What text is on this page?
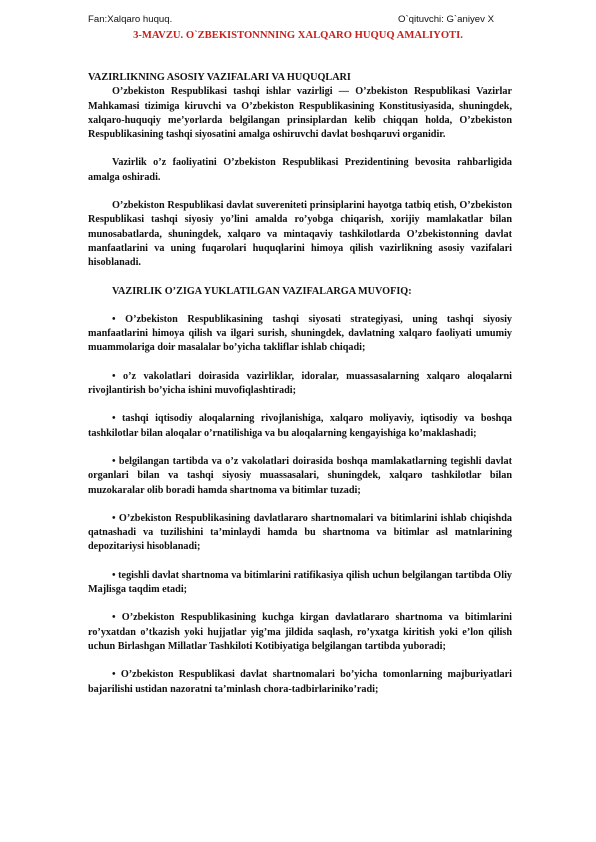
Fan:Xalqaro huquq.	O`qituvchi: G`aniyev X
3-MAVZU. O`ZBEKISTONNNING XALQARO HUQUQ AMALIYOTI.

VAZIRLIKNING ASOSIY VAZIFALARI VA HUQUQLARI

O’zbekiston Respublikasi tashqi ishlar vazirligi — O’zbekiston Respublikasi Vazirlar Mahkamasi tizimiga kiruvchi va O’zbekiston Respublikasining Konstitusiyasida, shuningdek, xalqaro-huquqiy me’yorlarda belgilangan prinsiplardan kelib chiqqan holda, O’zbekiston Respublikasining tashqi siyosatini amalga oshiruvchi davlat boshqaruvi organidir.

Vazirlik o’z faoliyatini O’zbekiston Respublikasi Prezidentining bevosita rahbarligida amalga oshiradi.

O’zbekiston Respublikasi davlat suvereniteti prinsiplarini hayotga tatbiq etish, O’zbekiston Respublikasi tashqi siyosiy yo’lini amalda ro’yobga chiqarish, xorijiy mamlakatlar bilan munosabatlarda, shuningdek, xalqaro va mintaqaviy tashkilotlarda O’zbekistonning davlat manfaatlarini va uning fuqarolari huquqlarini himoya qilish vazirlikning asosiy vazifalari hisoblanadi.

VAZIRLIK O’ZIGA YUKLATILGAN VAZIFALARGA MUVOFIQ:

• O’zbekiston Respublikasining tashqi siyosati strategiyasi, uning tashqi siyosiy manfaatlarini himoya qilish va ilgari surish, shuningdek, davlatning xalqaro faoliyati umumiy muammolariga doir masalalar bo’yicha takliflar ishlab chiqadi;

• o’z vakolatlari doirasida vazirliklar, idoralar, muassasalarning xalqaro aloqalarni rivojlantirish bo’yicha ishini muvofiqlashtiradi;

• tashqi iqtisodiy aloqalarning rivojlanishiga, xalqaro moliyaviy, iqtisodiy va boshqa tashkilotlar bilan aloqalar o’rnatilishiga va bu aloqalarning kengayishiga ko’maklashadi;

• belgilangan tartibda va o’z vakolatlari doirasida boshqa mamlakatlarning tegishli davlat organlari bilan va tashqi siyosiy muassasalari, shuningdek, xalqaro tashkilotlar bilan muzokaralar olib boradi hamda shartnoma va bitimlar tuzadi;

• O’zbekiston Respublikasining davlatlararo shartnomalari va bitimlarini ishlab chiqishda qatnashadi va tuzilishini ta’minlaydi hamda bu shartnoma va bitimlar asl matnlarining depozitariysi hisoblanadi;

• tegishli davlat shartnoma va bitimlarini ratifikasiya qilish uchun belgilangan tartibda Oliy Majlisga taqdim etadi;

• O’zbekiston Respublikasining kuchga kirgan davlatlararo shartnoma va bitimlarini ro’yxatdan o’tkazish yoki hujjatlar yig’ma jildida saqlash, ro’yxatga kiritish yoki e’lon qilish uchun Birlashgan Millatlar Tashkiloti Kotibiyatiga belgilangan tartibda yuboradi;

• O’zbekiston Respublikasi davlat shartnomalari bo’yicha tomonlarning majburiyatlari bajarilishi ustidan nazoratni ta’minlash chora-tadbirlariniko’radi;
